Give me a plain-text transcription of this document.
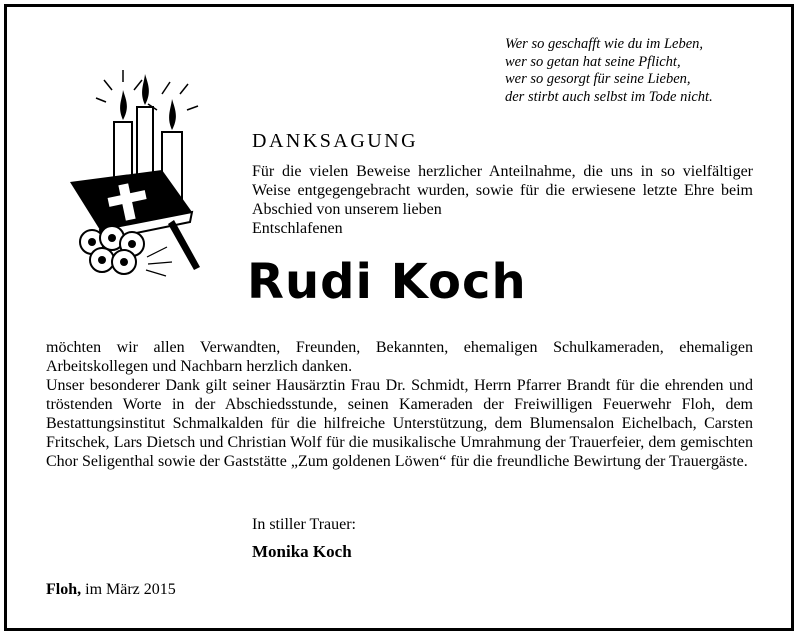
Wer so geschafft wie du im Leben,
wer so getan hat seine Pflicht,
wer so gesorgt für seine Lieben,
der stirbt auch selbst im Tode nicht.
DANKSAGUNG
Für die vielen Beweise herzlicher Anteilnahme, die uns in so vielfältiger Weise entgegengebracht wurden, sowie für die erwiesene letzte Ehre beim Abschied von unserem lieben
Entschlafenen
Rudi Koch

möchten wir allen Verwandten, Freunden, Bekannten, ehemaligen Schulkameraden, ehemaligen Arbeitskollegen und Nachbarn herzlich danken.

Unser besonderer Dank gilt seiner Hausärztin Frau Dr. Schmidt, Herrn Pfarrer Brandt für die ehrenden und tröstenden Worte in der Abschiedsstunde, seinen Kameraden der Freiwilligen Feuerwehr Floh, dem Bestattungsinstitut Schmalkalden für die hilfreiche Unterstützung, dem Blumensalon Eichelbach, Carsten Fritschek, Lars Dietsch und Christian Wolf für die musikalische Umrahmung der Trauerfeier, dem gemischten Chor Seligenthal sowie der Gaststätte „Zum goldenen Löwen“ für die freundliche Bewirtung der Trauergäste.

In stiller Trauer:
Monika Koch
Floh, im März 2015
